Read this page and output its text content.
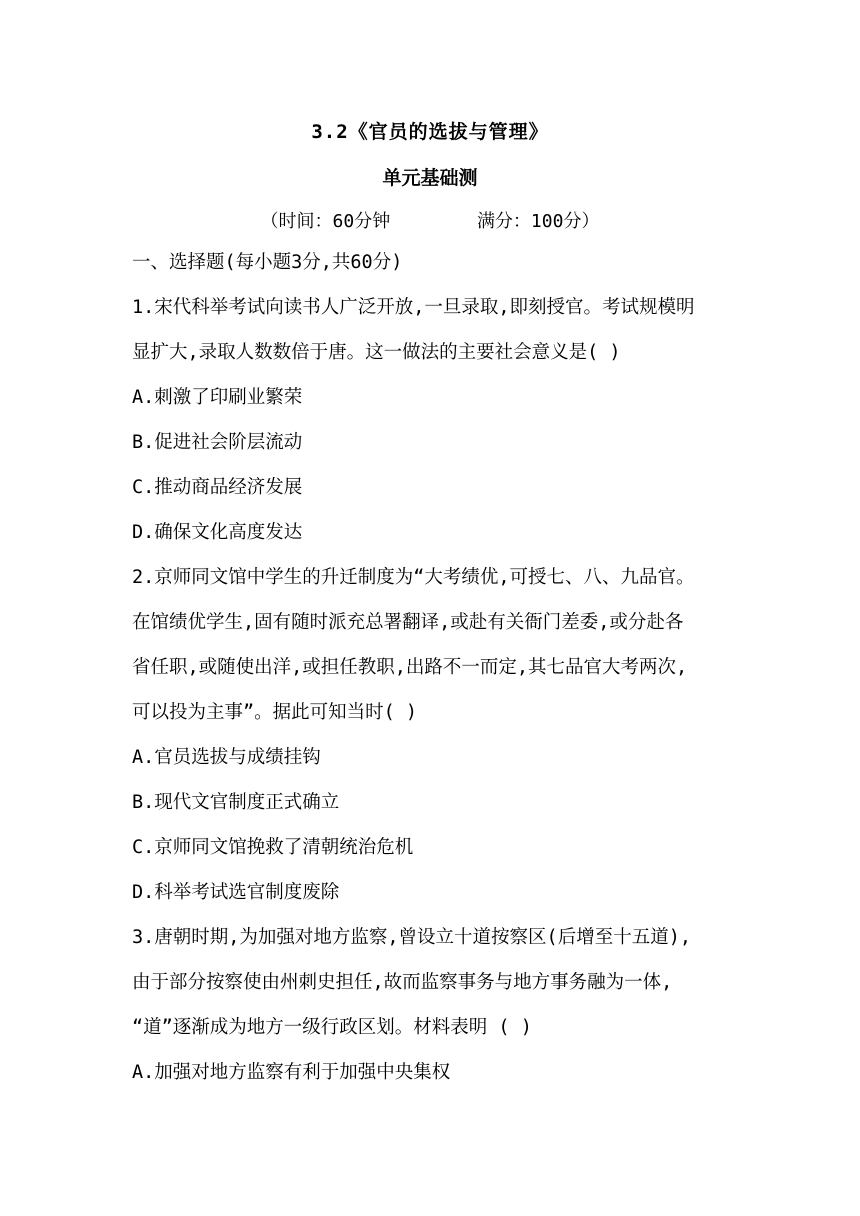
3.2《官员的选拔与管理》
单元基础测
（时间：60分钟	满分：100分）
一、选择题(每小题3分,共60分)
1.宋代科举考试向读书人广泛开放,一旦录取,即刻授官。考试规模明
显扩大,录取人数数倍于唐。这一做法的主要社会意义是( )
A.刺激了印刷业繁荣
B.促进社会阶层流动
C.推动商品经济发展
D.确保文化高度发达
2.京师同文馆中学生的升迁制度为“大考绩优,可授七、八、九品官。
在馆绩优学生,固有随时派充总署翻译,或赴有关衙门差委,或分赴各
省任职,或随使出洋,或担任教职,出路不一而定,其七品官大考两次,
可以投为主事”。据此可知当时( )
A.官员选拔与成绩挂钩
B.现代文官制度正式确立
C.京师同文馆挽救了清朝统治危机
D.科举考试选官制度废除
3.唐朝时期,为加强对地方监察,曾设立十道按察区(后增至十五道),
由于部分按察使由州刺史担任,故而监察事务与地方事务融为一体,
“道”逐渐成为地方一级行政区划。材料表明 ( )
A.加强对地方监察有利于加强中央集权
